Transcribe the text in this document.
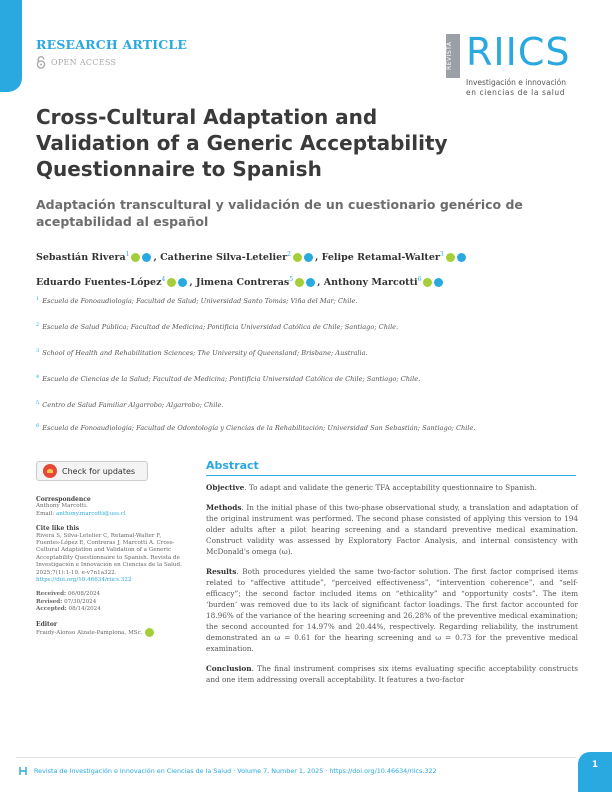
RESEARCH ARTICLE
OPEN ACCESS	REVISTA RIICS
Investigación e innovación
en ciencias de la salud
Cross-Cultural Adaptation and Validation of a Generic Acceptability Questionnaire to Spanish
Adaptación transcultural y validación de un cuestionario genérico de aceptabilidad al español
Sebastián Rivera$^1$	, Catherine Silva-Letelier$^2$	, Felipe Retamal-Walter$^3$
Eduardo Fuentes-López$^4$	, Jimena Contreras$^5$	, Anthony Marcotti$^6$
$^1$ Escuela de Fonoaudiología; Facultad de Salud; Universidad Santo Tomás; Viña del Mar; Chile.
$^2$ Escuela de Salud Pública; Facultad de Medicina; Pontificia Universidad Católica de Chile; Santiago; Chile.
$^3$ School of Health and Rehabilitation Sciences; The University of Queensland; Brisbane; Australia.
$^4$ Escuela de Ciencias de la Salud; Facultad de Medicina; Pontificia Universidad Católica de Chile; Santiago; Chile.
$^5$ Centro de Salud Familiar Algarrobo; Algarrobo; Chile.
$^6$ Escuela de Fonoaudiología; Facultad de Odontología y Ciencias de la Rehabilitación; Universidad San Sebastián; Santiago; Chile.
Check for updates
Correspondence
Anthony Marcotti.
Email: anthony.marcotti@uss.cl
Cite like this
Rivera S, Silva-Letelier C, Retamal-Walter F, Fuentes-López E, Contreras J, Marcotti A. Cross-Cultural Adaptation and Validation of a Generic Acceptability Questionnaire to Spanish. Revista de Investigación e Innovación en Ciencias de la Salud. 2025;7(1):1-19. e-v7n1a322.
https://doi.org/10.46634/riics.322
Received: 06/08/2024
Revised: 07/30/2024
Accepted: 08/14/2024
Editor
Fraidy-Alonso Alzate-Pamplona, MSc.
Abstract

Objective. To adapt and validate the generic TFA acceptability questionnaire to Spanish.

Methods. In the initial phase of this two-phase observational study, a translation and adaptation of the original instrument was performed. The second phase consisted of applying this version to 194 older adults after a pilot hearing screening and a standard preventive medical examination. Construct validity was assessed by Exploratory Factor Analysis, and internal consistency with McDonald's omega (ω).

Results. Both procedures yielded the same two-factor solution. The first factor comprised items related to “affective attitude”, “perceived effectiveness”, “intervention coherence”, and “self-efficacy”; the second factor included items on “ethicality” and “opportunity costs”. The item ‘burden’ was removed due to its lack of significant factor loadings. The first factor accounted for 18.96% of the variance of the hearing screening and 26.28% of the preventive medical examination; the second accounted for 14.97% and 20.44%, respectively. Regarding reliability, the instrument demonstrated an ω = 0.61 for the hearing screening and ω = 0.73 for the preventive medical examination.

Conclusion. The final instrument comprises six items evaluating specific acceptability constructs and one item addressing overall acceptability. It features a two-factor

Revista de Investigación e Innovación en Ciencias de la Salud · Volume 7, Number 1, 2025 · https://doi.org/10.46634/riics.322
1
